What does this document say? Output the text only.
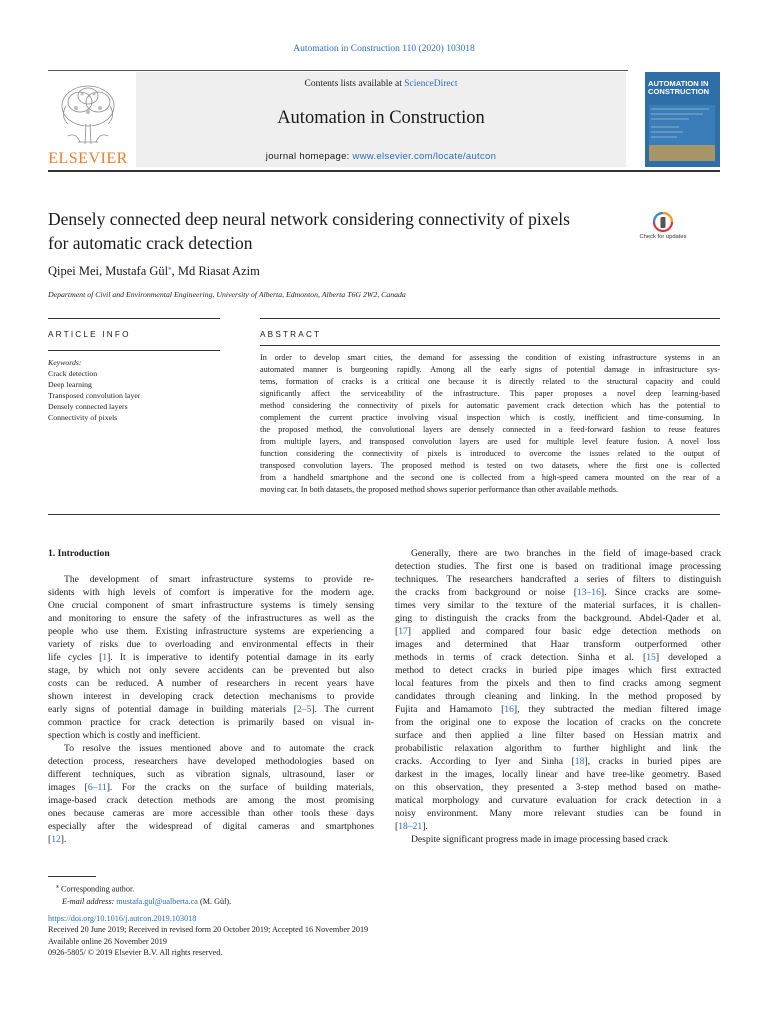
Automation in Construction 110 (2020) 103018
ELSEVIER
Contents lists available at ScienceDirect
Automation in Construction
journal homepage: www.elsevier.com/locate/autcon
AUTOMATION IN CONSTRUCTION
Densely connected deep neural network considering connectivity of pixels
for automatic crack detection	Check for updates
Qipei Mei, Mustafa Gül⁎, Md Riasat Azim
Department of Civil and Environmental Engineering, University of Alberta, Edmonton, Alberta T6G 2W2, Canada
ARTICLE INFO	ABSTRACT
Keywords:
Crack detection
Deep learning
Transposed convolution layer
Densely connected layers
Connectivity of pixels
In order to develop smart cities, the demand for assessing the condition of existing infrastructure systems in an
automated manner is burgeoning rapidly. Among all the early signs of potential damage in infrastructure sys-
tems, formation of cracks is a critical one because it is directly related to the structural capacity and could
significantly affect the serviceability of the infrastructure. This paper proposes a novel deep learning-based
method considering the connectivity of pixels for automatic pavement crack detection which has the potential to
complement the current practice involving visual inspection which is costly, inefficient and time-consuming. In
the proposed method, the convolutional layers are densely connected in a feed-forward fashion to reuse features
from multiple layers, and transposed convolution layers are used for multiple level feature fusion. A novel loss
function considering the connectivity of pixels is introduced to overcome the issues related to the output of
transposed convolution layers. The proposed method is tested on two datasets, where the first one is collected
from a handheld smartphone and the second one is collected from a high-speed camera mounted on the rear of a
moving car. In both datasets, the proposed method shows superior performance than other available methods.
1. Introduction
The development of smart infrastructure systems to provide re-
sidents with high levels of comfort is imperative for the modern age.
One crucial component of smart infrastructure systems is timely sensing
and monitoring to ensure the safety of the infrastructures as well as the
people who use them. Existing infrastructure systems are experiencing a
variety of risks due to overloading and environmental effects in their
life cycles [1]. It is imperative to identify potential damage in its early
stage, by which not only severe accidents can be prevented but also
costs can be reduced. A number of researchers in recent years have
shown interest in developing crack detection mechanisms to provide
early signs of potential damage in building materials [2–5]. The current
common practice for crack detection is primarily based on visual in-
spection which is costly and inefficient.
To resolve the issues mentioned above and to automate the crack
detection process, researchers have developed methodologies based on
different techniques, such as vibration signals, ultrasound, laser or
images [6–11]. For the cracks on the surface of building materials,
image-based crack detection methods are among the most promising
ones because cameras are more accessible than other tools these days
especially after the widespread of digital cameras and smartphones
[12].
Generally, there are two branches in the field of image-based crack
detection studies. The first one is based on traditional image processing
techniques. The researchers handcrafted a series of filters to distinguish
the cracks from background or noise [13–16]. Since cracks are some-
times very similar to the texture of the material surfaces, it is challen-
ging to distinguish the cracks from the background. Abdel-Qader et al.
[17] applied and compared four basic edge detection methods on
images and determined that Haar transform outperformed other
methods in terms of crack detection. Sinha et al. [15] developed a
method to detect cracks in buried pipe images which first extracted
local features from the pixels and then to find cracks among segment
candidates through cleaning and linking. In the method proposed by
Fujita and Hamamoto [16], they subtracted the median filtered image
from the original one to expose the location of cracks on the concrete
surface and then applied a line filter based on Hessian matrix and
probabilistic relaxation algorithm to further highlight and link the
cracks. According to Iyer and Sinha [18], cracks in buried pipes are
darkest in the images, locally linear and have tree-like geometry. Based
on this observation, they presented a 3-step method based on mathe-
matical morphology and curvature evaluation for crack detection in a
noisy environment. Many more relevant studies can be found in
[18–21].
Despite significant progress made in image processing based crack
⁎ Corresponding author.
E-mail address: mustafa.gul@ualberta.ca (M. Gül).
https://doi.org/10.1016/j.autcon.2019.103018
Received 20 June 2019; Received in revised form 20 October 2019; Accepted 16 November 2019
Available online 26 November 2019
0926-5805/ © 2019 Elsevier B.V. All rights reserved.
